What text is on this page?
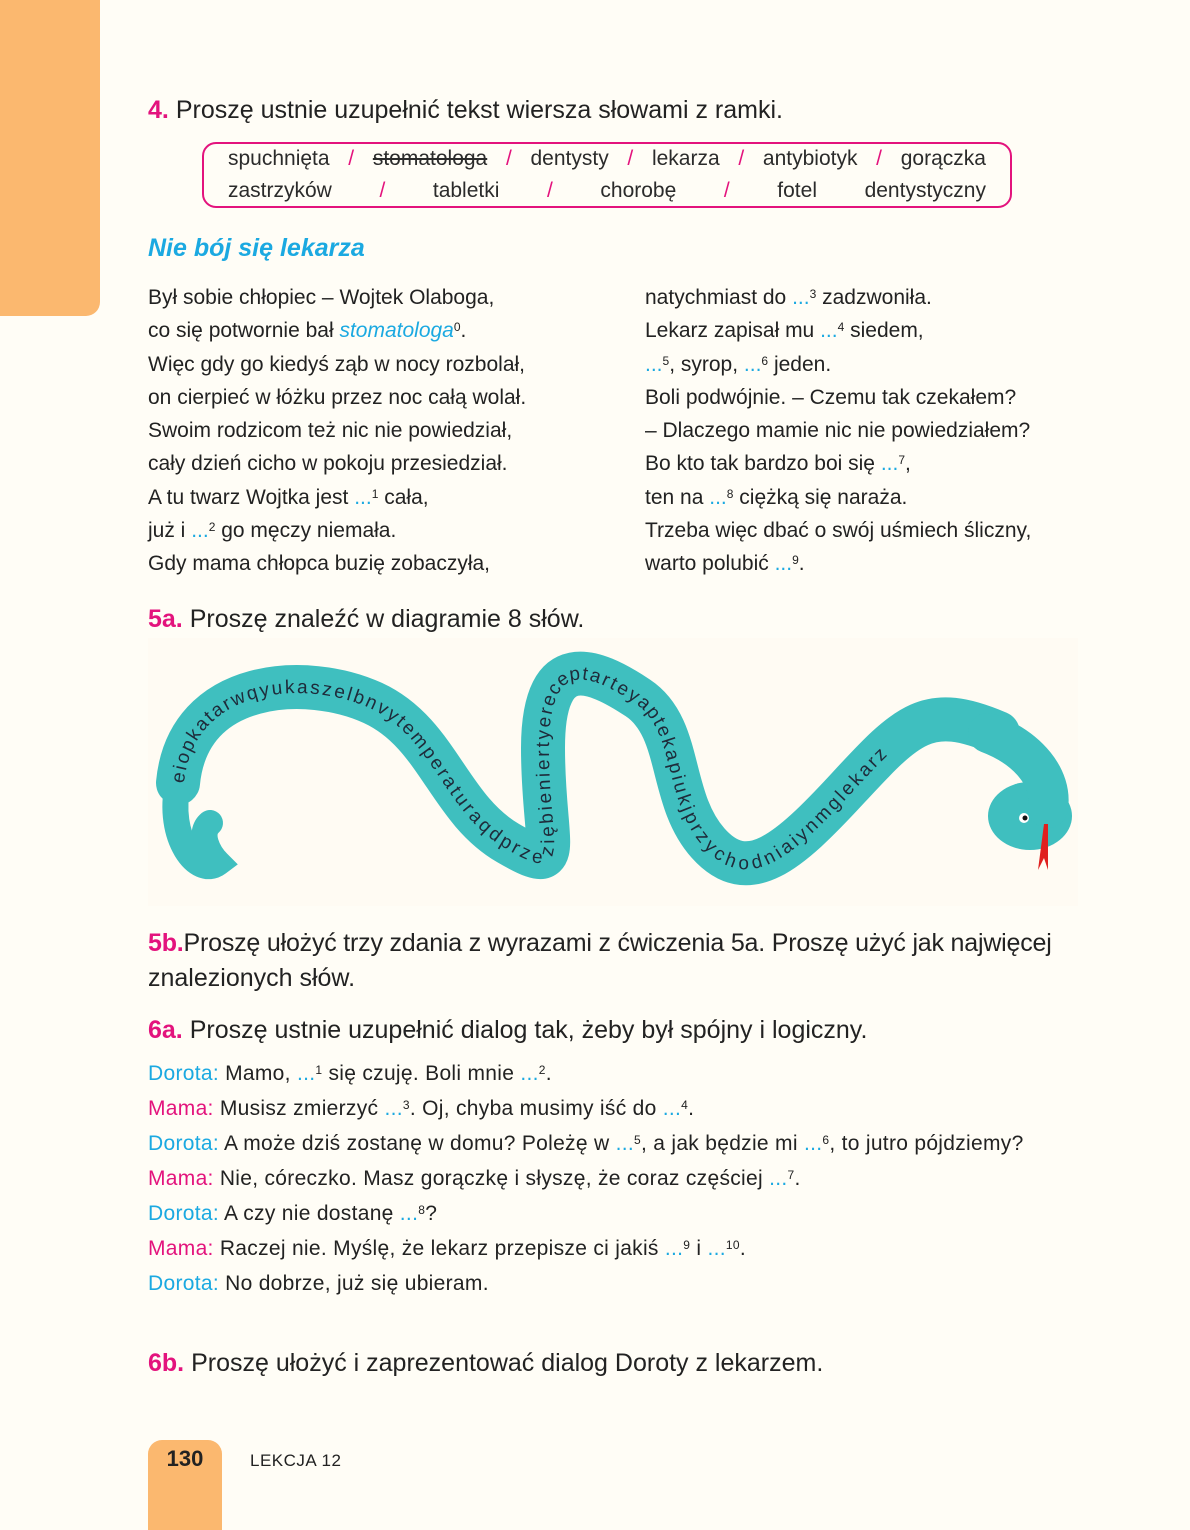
4. Proszę ustnie uzupełnić tekst wiersza słowami z ramki.
spuchnięta / stomatologa / dentysty / lekarza / antybiotyk / gorączka
zastrzyków / tabletki / chorobę / fotel dentystyczny
Nie bój się lekarza
Był sobie chłopiec – Wojtek Olaboga,
co się potwornie bał stomatologa$^0$.
Więc gdy go kiedyś ząb w nocy rozbolał,
on cierpieć w łóżku przez noc całą wolał.
Swoim rodzicom też nic nie powiedział,
cały dzień cicho w pokoju przesiedział.
A tu twarz Wojtka jest ...$^1$ cała,
już i ...$^2$ go męczy niemała.
Gdy mama chłopca buzię zobaczyła,
natychmiast do ...$^3$ zadzwoniła.
Lekarz zapisał mu ...$^4$ siedem,
...$^5$, syrop, ...$^6$ jeden.
Boli podwójnie. – Czemu tak czekałem?
– Dlaczego mamie nic nie powiedziałem?
Bo kto tak bardzo boi się ...$^7$,
ten na ...$^8$ ciężką się naraża.
Trzeba więc dbać o swój uśmiech śliczny,
warto polubić ...$^9$.
5a. Proszę znaleźć w diagramie 8 słów.
eiopkatarwqyukaszelbnvytemperaturaqdprzeziębieniertyereceptarteyaptekapiukjprzychodniaiynmglekarz
5b.Proszę ułożyć trzy zdania z wyrazami z ćwiczenia 5a. Proszę użyć jak najwięcej
znalezionych słów.
6a. Proszę ustnie uzupełnić dialog tak, żeby był spójny i logiczny.
Dorota: Mamo, ...$^1$ się czuję. Boli mnie ...$^2$.
Mama: Musisz zmierzyć ...$^3$. Oj, chyba musimy iść do ...$^4$.
Dorota: A może dziś zostanę w domu? Poleżę w ...$^5$, a jak będzie mi ...$^6$, to jutro pójdziemy?
Mama: Nie, córeczko. Masz gorączkę i słyszę, że coraz częściej ...$^7$.
Dorota: A czy nie dostanę ...$^8$?
Mama: Raczej nie. Myślę, że lekarz przepisze ci jakiś ...$^9$ i ...$^{10}$.
Dorota: No dobrze, już się ubieram.
6b. Proszę ułożyć i zaprezentować dialog Doroty z lekarzem.
130	LEKCJA 12
